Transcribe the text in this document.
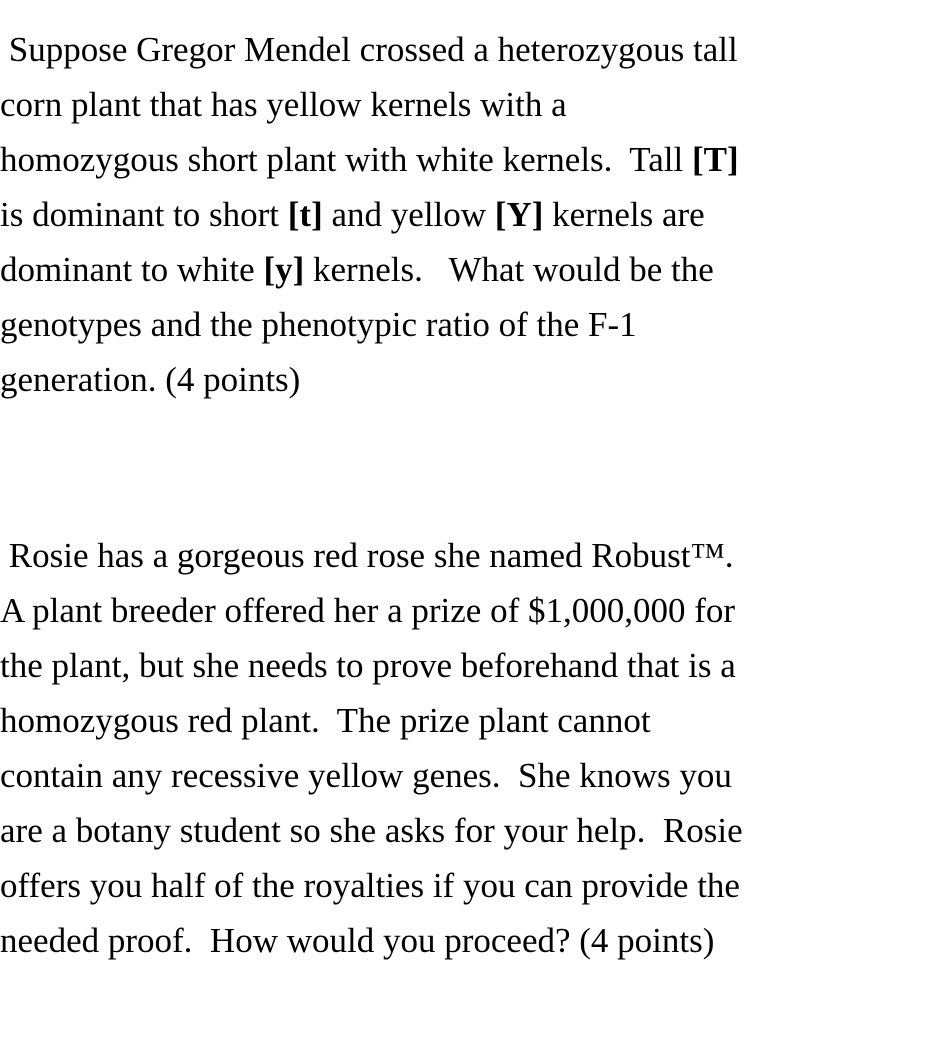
Suppose Gregor Mendel crossed a heterozygous tall
corn plant that has yellow kernels with a
homozygous short plant with white kernels.  Tall [T]
is dominant to short [t] and yellow [Y] kernels are
dominant to white [y] kernels.   What would be the
genotypes and the phenotypic ratio of the F-1
generation. (4 points)
Rosie has a gorgeous red rose she named Robust™.
A plant breeder offered her a prize of $1,000,000 for
the plant, but she needs to prove beforehand that is a
homozygous red plant.  The prize plant cannot
contain any recessive yellow genes.  She knows you
are a botany student so she asks for your help.  Rosie
offers you half of the royalties if you can provide the
needed proof.  How would you proceed? (4 points)
